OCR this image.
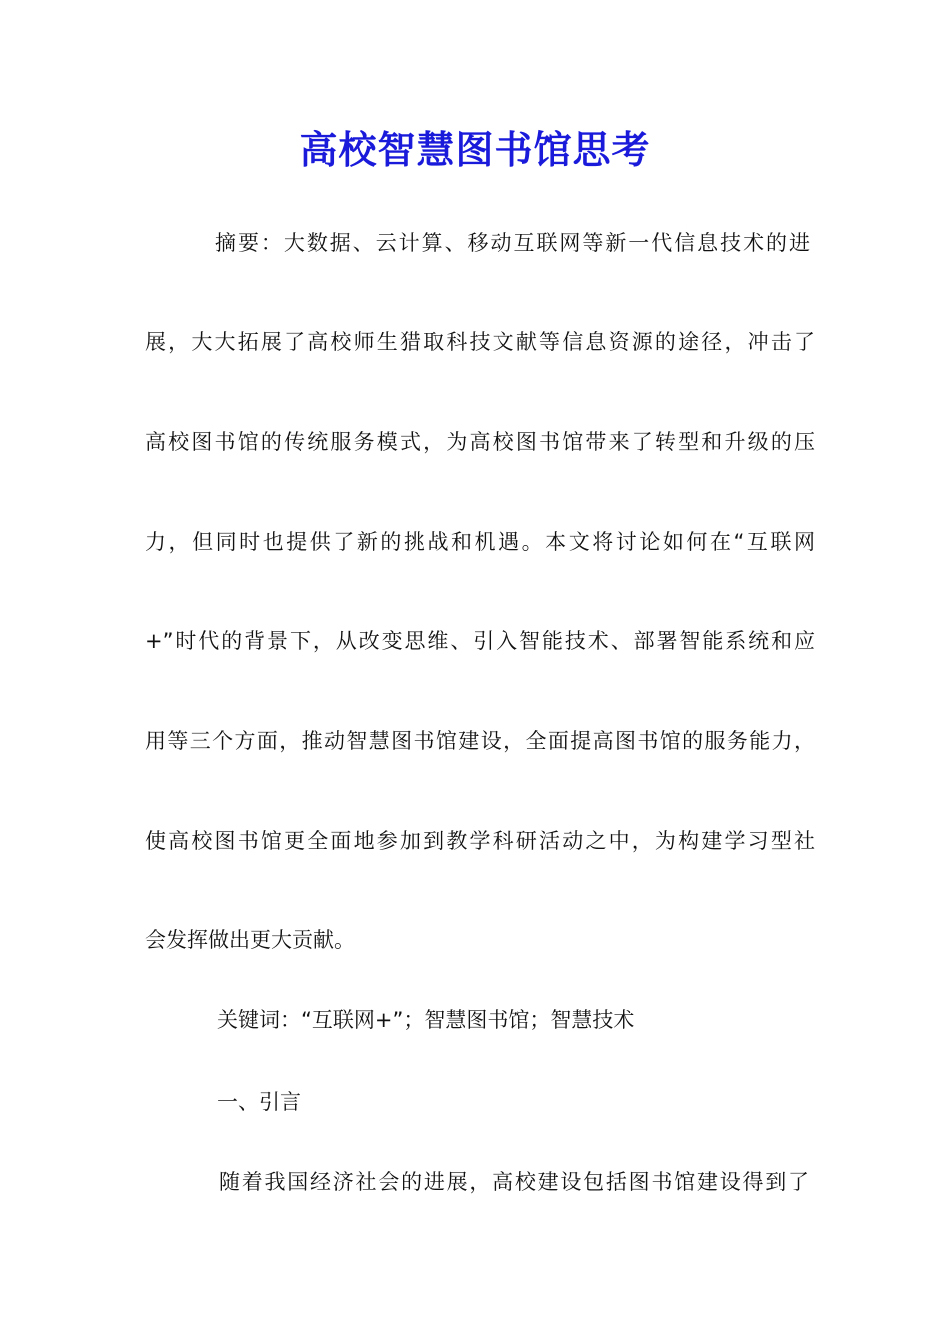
高校智慧图书馆思考
摘要：大数据、云计算、移动互联网等新一代信息技术的进
展，大大拓展了高校师生猎取科技文献等信息资源的途径，冲击了
高校图书馆的传统服务模式，为高校图书馆带来了转型和升级的压
力，但同时也提供了新的挑战和机遇。本文将讨论如何在“互联网
+”时代的背景下，从改变思维、引入智能技术、部署智能系统和应
用等三个方面，推动智慧图书馆建设，全面提高图书馆的服务能力，
使高校图书馆更全面地参加到教学科研活动之中，为构建学习型社
会发挥做出更大贡献。
关键词：“互联网+”；智慧图书馆；智慧技术
一、引言
随着我国经济社会的进展，高校建设包括图书馆建设得到了
